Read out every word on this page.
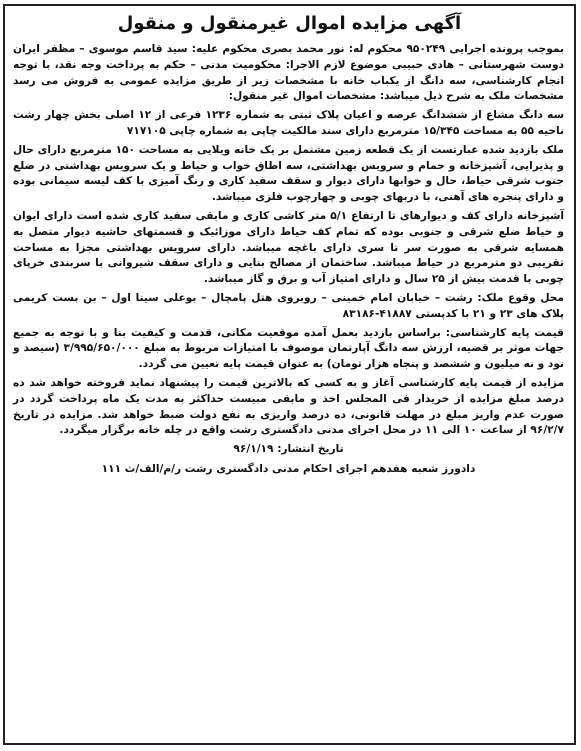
آگهی مزایده اموال غیرمنقول و منقول

بموجب پرونده اجرایی ۹۵۰۲۴۹ محکوم له: نور محمد بصری محکوم علیه: سید قاسم موسوی – مظفر ایران دوست شهرستانی – هادی حبیبی موضوع لازم الاجرا: محکومیت مدنی – حکم به پرداخت وجه نقد، با توجه انجام کارشناسی، سه دانگ از یکباب خانه با مشخصات زیر از طریق مزایده عمومی به فروش می رسد مشخصات ملک به شرح ذیل میباشد: مشخصات اموال غیر منقول:

سه دانگ مشاع از ششدانگ عرصه و اعیان پلاک ثبتی به شماره ۱۲۳۶ فرعی از ۱۲ اصلی بخش چهار رشت ناحیه ۵۵ به مساحت ۱۵/۳۴۵ مترمربع دارای سند مالکیت چاپی به شماره چاپی ۷۱۷۱۰۵

ملک بازدید شده عبارتست از یک قطعه زمین مشتمل بر یک خانه ویلایی به مساحت ۱۵۰ مترمربع دارای حال و پذیرایی، آشپزخانه و حمام و سرویس بهداشتی، سه اطاق خواب و حیاط و یک سرویس بهداشتی در ضلع جنوب شرقی حیاط، حال و خوابها دارای دیوار و سقف سفید کاری و رنگ آمیزی با کف لیسه سیمانی بوده و دارای پنجره های آهنی، با دربهای چوبی و چهارچوب فلزی میباشد.

آشپزخانه دارای کف و دیوارهای تا ارتفاع ۵/۱ متر کاشی کاری و مابقی سفید کاری شده است دارای ایوان و حیاط ضلع شرقی و جنوبی بوده که تمام کف حیاط دارای موزائیک و قسمتهای حاشیه دیوار متصل به همسایه شرقی به صورت سر تا سری دارای باغچه میباشد. دارای سرویس بهداشتی مجزا به مساحت تقریبی دو مترمربع در حیاط میباشد. ساختمان از مصالح بنایی و دارای سقف شیروانی با سربندی خرپای چوبی با قدمت بیش از ۲۵ سال و دارای امتیاز آب و برق و گاز میباشد.

محل وقوع ملک: رشت – خیابان امام خمینی – روبروی هتل پامچال – بوعلی سینا اول – بن بست کریمی پلاک های ۲۳ و ۲۱ با کدپستی ۴۱۸۸۷-۸۳۱۸۶

قیمت پایه کارشناسی: براساس بازدید بعمل آمده موقعیت مکانی، قدمت و کیفیت بنا و با توجه به جمیع جهات موثر بر قضیه، ارزش سه دانگ آپارتمان موصوف با امتیازات مربوط به مبلغ ۳/۹۹۵/۶۵۰/۰۰۰ (سیصد و نود و نه میلیون و ششصد و پنجاه هزار تومان) به عنوان قیمت پایه تعیین می گردد.

مزایده از قیمت پایه کارشناسی آغاز و به کسی که بالاترین قیمت را پیشنهاد نماید فروخته خواهد شد ده درصد مبلغ مزایده از خریدار فی المجلس اخذ و مابقی مبیست حداکثر به مدت یک ماه پرداخت گردد در صورت عدم واریز مبلغ در مهلت قانونی، ده درصد واریزی به نفع دولت ضبط خواهد شد. مزایده در تاریخ ۹۶/۲/۷ از ساعت ۱۰ الی ۱۱ در محل اجرای مدنی دادگستری رشت واقع در چله خانه برگزار میگردد.

تاریخ انتشار: ۹۶/۱/۱۹

دادورز شعبه هفدهم اجرای احکام مدنی دادگستری رشت ر/م/الف/ث ۱۱۱
